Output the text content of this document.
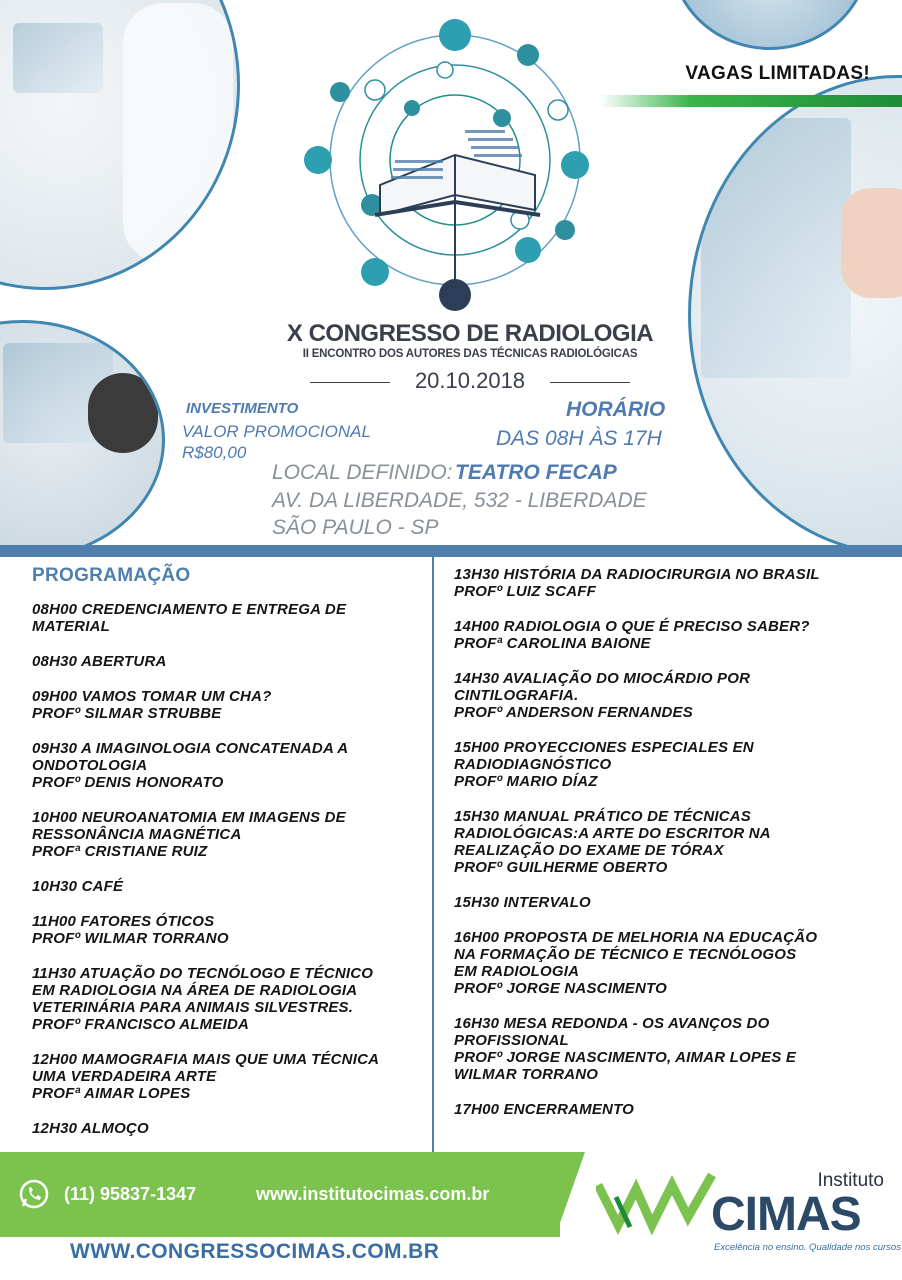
VAGAS LIMITADAS!
X CONGRESSO DE RADIOLOGIA
II ENCONTRO DOS AUTORES DAS TÉCNICAS RADIOLÓGICAS
20.10.2018
INVESTIMENTO
VALOR PROMOCIONAL
R$80,00
HORÁRIO
DAS 08H ÀS 17H
LOCAL DEFINIDO: TEATRO FECAP
AV. DA LIBERDADE, 532 - LIBERDADE
SÃO PAULO - SP
PROGRAMAÇÃO

08H00 CREDENCIAMENTO E ENTREGA DE

MATERIAL

08H30 ABERTURA

09H00 VAMOS TOMAR UM CHA?

PROFº SILMAR STRUBBE

09H30 A IMAGINOLOGIA CONCATENADA A

ONDOTOLOGIA

PROFº DENIS HONORATO

10H00 NEUROANATOMIA EM IMAGENS DE

RESSONÂNCIA MAGNÉTICA

PROFª CRISTIANE RUIZ

10H30 CAFÉ

11H00 FATORES ÓTICOS

PROFº WILMAR TORRANO

11H30 ATUAÇÃO DO TECNÓLOGO E TÉCNICO

EM RADIOLOGIA NA ÁREA DE RADIOLOGIA

VETERINÁRIA PARA ANIMAIS SILVESTRES.

PROFº FRANCISCO ALMEIDA

12H00 MAMOGRAFIA MAIS QUE UMA TÉCNICA

UMA VERDADEIRA ARTE

PROFª AIMAR LOPES

12H30 ALMOÇO

13H30 HISTÓRIA DA RADIOCIRURGIA NO BRASIL

PROFº LUIZ SCAFF

14H00 RADIOLOGIA O QUE É PRECISO SABER?

PROFª CAROLINA BAIONE

14H30 AVALIAÇÃO DO MIOCÁRDIO POR

CINTILOGRAFIA.

PROFº ANDERSON FERNANDES

15H00 PROYECCIONES ESPECIALES EN

RADIODIAGNÓSTICO

PROFº MARIO DÍAZ

15H30 MANUAL PRÁTICO DE TÉCNICAS

RADIOLÓGICAS:A ARTE DO ESCRITOR NA

REALIZAÇÃO DO EXAME DE TÓRAX

PROFº GUILHERME OBERTO

15H30 INTERVALO

16H00 PROPOSTA DE MELHORIA NA EDUCAÇÃO

NA FORMAÇÃO DE TÉCNICO E TECNÓLOGOS

EM RADIOLOGIA

PROFº JORGE NASCIMENTO

16H30 MESA REDONDA - OS AVANÇOS DO

PROFISSIONAL

PROFº JORGE NASCIMENTO, AIMAR LOPES E

WILMAR TORRANO

17H00 ENCERRAMENTO

(11) 95837-1347	www.institutocimas.com.br
WWW.CONGRESSOCIMAS.COM.BR
Instituto
CIMAS
Excelência no ensino. Qualidade nos cursos
